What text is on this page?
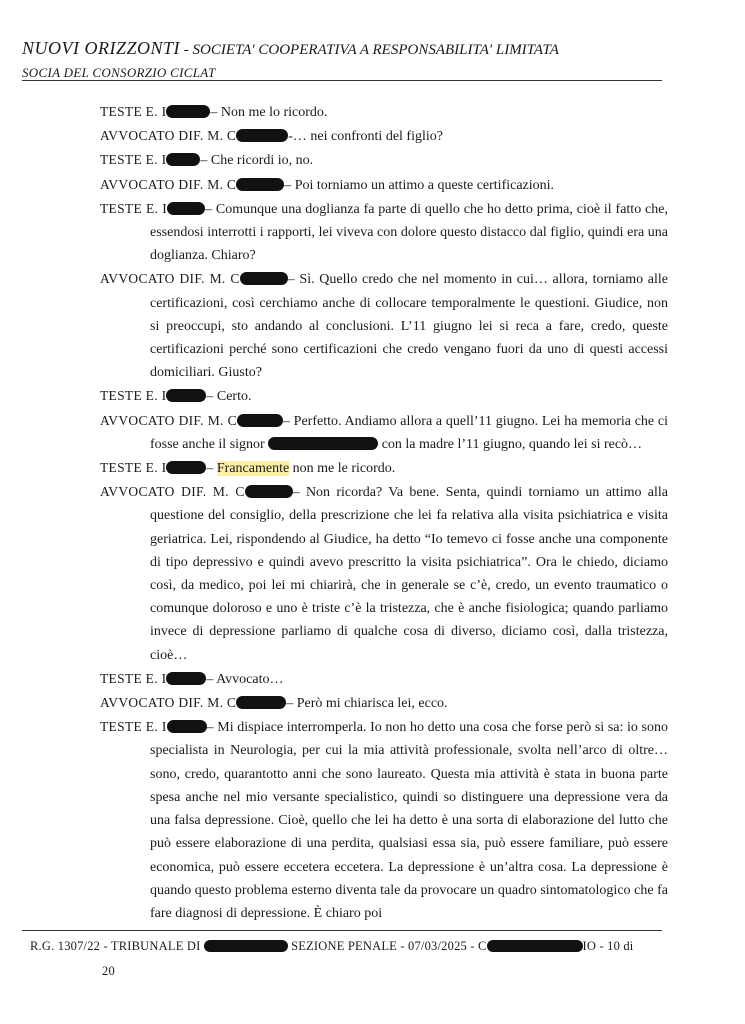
NUOVI ORIZZONTI - SOCIETA' COOPERATIVA A RESPONSABILITA' LIMITATA
SOCIA DEL CONSORZIO CICLAT
TESTE E. I	– Non me lo ricordo.
AVVOCATO DIF. M. C	-… nei confronti del figlio?
TESTE E. I – Che ricordi io, no.
AVVOCATO DIF. M. C	– Poi torniamo un attimo a queste certificazioni.
TESTE E. I	– Comunque una doglianza fa parte di quello che ho detto prima, cioè il fatto che, essendosi interrotti i rapporti, lei viveva con dolore questo distacco dal figlio, quindi era una doglianza. Chiaro?
AVVOCATO DIF. M. C	– Sì. Quello credo che nel momento in cui… allora, torniamo alle certificazioni, così cerchiamo anche di collocare temporalmente le questioni. Giudice, non si preoccupi, sto andando al conclusioni. L’11 giugno lei si reca a fare, credo, queste certificazioni perché sono certificazioni che credo vengano fuori da uno di questi accessi domiciliari. Giusto?
TESTE E. I	– Certo.
AVVOCATO DIF. M. C	– Perfetto. Andiamo allora a quell’11 giugno. Lei ha memoria che ci fosse anche il signor	con la madre l’11 giugno, quando lei si recò…
TESTE E. I	– Francamente non me le ricordo.
AVVOCATO DIF. M. C	– Non ricorda? Va bene. Senta, quindi torniamo un attimo alla questione del consiglio, della prescrizione che lei fa relativa alla visita psichiatrica e visita geriatrica. Lei, rispondendo al Giudice, ha detto “Io temevo ci fosse anche una componente di tipo depressivo e quindi avevo prescritto la visita psichiatrica”. Ora le chiedo, diciamo così, da medico, poi lei mi chiarirà, che in generale se c’è, credo, un evento traumatico o comunque doloroso e uno è triste c’è la tristezza, che è anche fisiologica; quando parliamo invece di depressione parliamo di qualche cosa di diverso, diciamo così, dalla tristezza, cioè…
TESTE E. I	– Avvocato…
AVVOCATO DIF. M. C	– Però mi chiarisca lei, ecco.
TESTE E. I	– Mi dispiace interromperla. Io non ho detto una cosa che forse però si sa: io sono specialista in Neurologia, per cui la mia attività professionale, svolta nell’arco di oltre… sono, credo, quarantotto anni che sono laureato. Questa mia attività è stata in buona parte spesa anche nel mio versante specialistico, quindi so distinguere una depressione vera da una falsa depressione. Cioè, quello che lei ha detto è una sorta di elaborazione del lutto che può essere elaborazione di una perdita, qualsiasi essa sia, può essere familiare, può essere economica, può essere eccetera eccetera. La depressione è un’altra cosa. La depressione è quando questo problema esterno diventa tale da provocare un quadro sintomatologico che fa fare diagnosi di depressione. È chiaro poi
R.G. 1307/22 - TRIBUNALE DI	SEZIONE PENALE - 07/03/2025 - C	IO - 10 di
20
